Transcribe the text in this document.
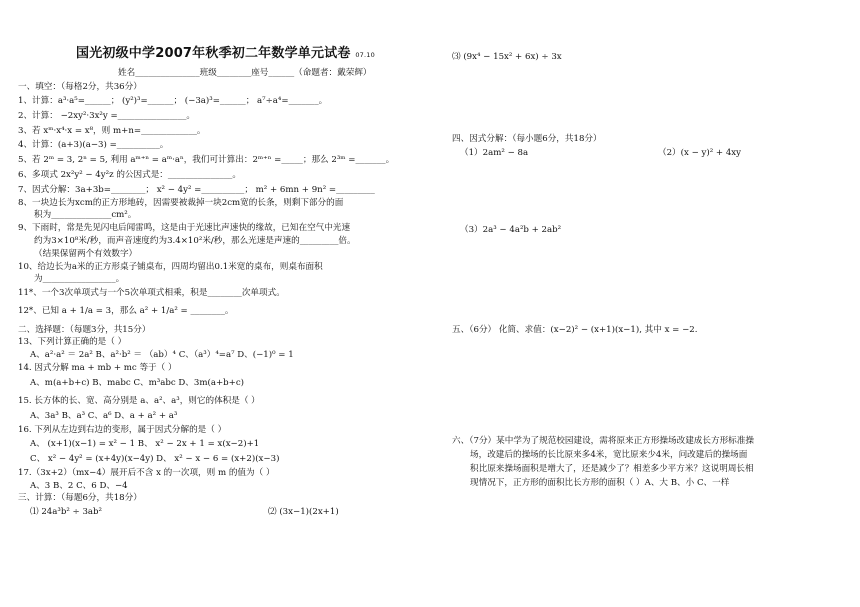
国光初级中学2007年秋季初二年数学单元试卷 07.10
姓名_______________班级________座号______（命题者：戴荣辉）
一、填空：（每格2分，共36分）
1、计算：a³·a⁵=______； (y²)³=______； (−3a)³=______； a⁷÷a⁴=_______。
2、计算： −2xy²·3x²y =________________。
3、若 xᵐ·x⁴·x = x⁸，则 m+n=_____________。
4、计算：(a+3)(a−3) =__________。
5、若 2ᵐ = 3, 2ⁿ = 5, 利用 aᵐ⁺ⁿ = aᵐ·aⁿ，我们可计算出：2ᵐ⁺ⁿ =_____；那么 2³ᵐ =_______。
6、多项式 2x²y² − 4y²z 的公因式是：_______________。
7、因式分解：3a+3b=________； x² − 4y² =__________； m² + 6mn + 9n² =_________
8、一块边长为xcm的正方形地砖，因需要被裁掉一块2cm宽的长条，则剩下部分的面
积为______________cm²。
9、下雨时，常是先见闪电后闻雷鸣，这是由于光速比声速快的缘故，已知在空气中光速
约为3×10⁸米/秒，而声音速度约为3.4×10²米/秒，那么光速是声速的_________倍。
（结果保留两个有效数字）
10、给边长为a米的正方形桌子铺桌布，四周均留出0.1米宽的桌布，则桌布面积
为_________________。
11*、一个3次单项式与一个5次单项式相乘，积是________次单项式。
12*、已知 a + 1/a = 3，那么 a² + 1/a² = ________。
二、选择题：（每题3分，共15分）
13、下列计算正确的是（ ）
A、a²·a² ＝ 2a² B、a²·b² ＝ （ab）⁴ C、（a³）⁴=a⁷ D、(−1)⁰ = 1
14. 因式分解 ma + mb + mc 等于（ ）
A、m(a+b+c) B、mabc C、m³abc D、3m(a+b+c)
15. 长方体的长、宽、高分别是 a、a²、a³，则它的体积是（ ）
A、3a³ B、a³ C、a⁶ D、a + a² + a³
16. 下列从左边到右边的变形，属于因式分解的是（ ）
A、 (x+1)(x−1) = x² − 1 B、 x² − 2x + 1 = x(x−2)+1
C、 x² − 4y² = (x+4y)(x−4y) D、 x² − x − 6 = (x+2)(x−3)
17.（3x+2）（mx−4）展开后不含 x 的一次项，则 m 的值为（ ）
A、3 B、2 C、6 D、−4
三、计算：（每题6分，共18分）
⑴ 24a³b² ÷ 3ab²	⑵ (3x−1)(2x+1)
⑶ (9x⁴ − 15x² + 6x) ÷ 3x
四、因式分解：（每小题6分，共18分）
（1）2am² − 8a	（2）(x − y)² + 4xy
（3）2a³ − 4a²b + 2ab²
五、（6分） 化简、求值：(x−2)² − (x+1)(x−1), 其中 x = −2.
六、（7分）某中学为了规范校园建设，需将原来正方形操场改建成长方形标准操
场，改建后的操场的长比原来多4米，宽比原来少4米，问改建后的操场面
积比原来操场面积是增大了，还是减少了？相差多少平方米？这说明周长相
现情况下，正方形的面积比长方形的面积（ ）A、大 B、小 C、一样
